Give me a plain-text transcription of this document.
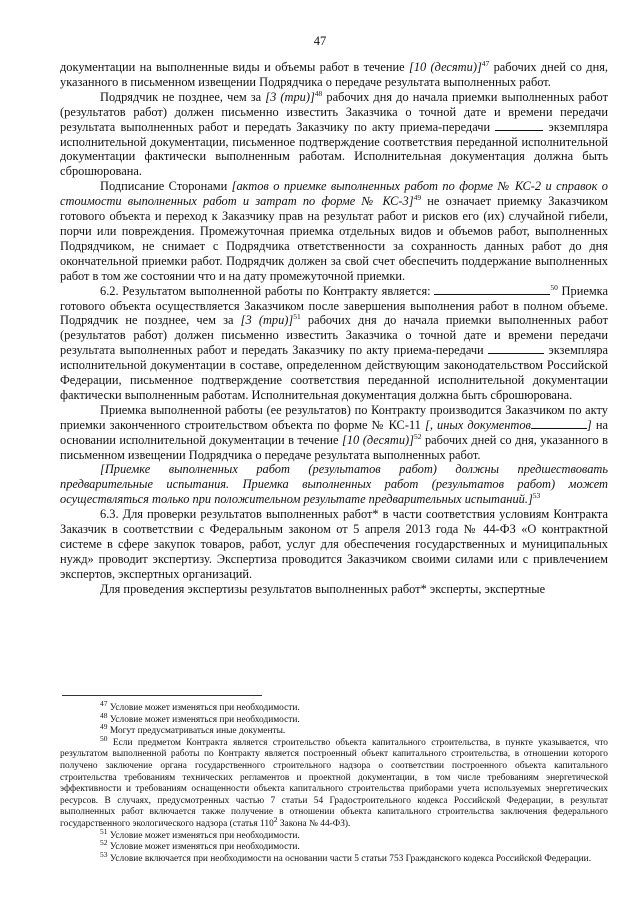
47

документации на выполненные виды и объемы работ в течение [10 (десяти)]$^{47}$ рабочих дней со дня, указанного в письменном извещении Подрядчика о передаче результата выполненных работ.

Подрядчик не позднее, чем за [3 (три)]$^{48}$ рабочих дня до начала приемки выполненных работ (результатов работ) должен письменно известить Заказчика о точной дате и времени передачи результата выполненных работ и передать Заказчику по акту приема-передачи	экземпляра исполнительной документации, письменное подтверждение соответствия переданной исполнительной документации фактически выполненным работам. Исполнительная документация должна быть сброшюрована.

Подписание Сторонами [актов о приемке выполненных работ по форме № КС-2 и справок о стоимости выполненных работ и затрат по форме № КС-3]$^{49}$ не означает приемку Заказчиком готового объекта и переход к Заказчику прав на результат работ и рисков его (их) случайной гибели, порчи или повреждения. Промежуточная приемка отдельных видов и объемов работ, выполненных Подрядчиком, не снимает с Подрядчика ответственности за сохранность данных работ до дня окончательной приемки работ. Подрядчик должен за свой счет обеспечить поддержание выполненных работ в том же состоянии что и на дату промежуточной приемки.

6.2. Результатом выполненной работы по Контракту является:	$^{50}$ Приемка готового объекта осуществляется Заказчиком после завершения выполнения работ в полном объеме. Подрядчик не позднее, чем за [3 (три)]$^{51}$ рабочих дня до начала приемки выполненных работ (результатов работ) должен письменно известить Заказчика о точной дате и времени передачи результата выполненных работ и передать Заказчику по акту приема-передачи	экземпляра исполнительной документации в составе, определенном действующим законодательством Российской Федерации, письменное подтверждение соответствия переданной исполнительной документации фактически выполненным работам. Исполнительная документация должна быть сброшюрована.

Приемка выполненной работы (ее результатов) по Контракту производится Заказчиком по акту приемки законченного строительством объекта по форме № КС-11 [, иных документов	] на основании исполнительной документации в течение [10 (десяти)]$^{52}$ рабочих дней со дня, указанного в письменном извещении Подрядчика о передаче результата выполненных работ.

[Приемке выполненных работ (результатов работ) должны предшествовать предварительные испытания. Приемка выполненных работ (результатов работ) может осуществляться только при положительном результате предварительных испытаний.]$^{53}$

6.3. Для проверки результатов выполненных работ* в части соответствия условиям Контракта Заказчик в соответствии с Федеральным законом от 5 апреля 2013 года № 44-ФЗ «О контрактной системе в сфере закупок товаров, работ, услуг для обеспечения государственных и муниципальных нужд» проводит экспертизу. Экспертиза проводится Заказчиком своими силами или с привлечением экспертов, экспертных организаций.

Для проведения экспертизы результатов выполненных работ* эксперты, экспертные

$^{47}$ Условие может изменяться при необходимости.

$^{48}$ Условие может изменяться при необходимости.

$^{49}$ Могут предусматриваться иные документы.

$^{50}$ Если предметом Контракта является строительство объекта капитального строительства, в пункте указывается, что результатом выполненной работы по Контракту является построенный объект капитального строительства, в отношении которого получено заключение органа государственного строительного надзора о соответствии построенного объекта капитального строительства требованиям технических регламентов и проектной документации, в том числе требованиям энергетической эффективности и требованиям оснащенности объекта капитального строительства приборами учета используемых энергетических ресурсов. В случаях, предусмотренных частью 7 статьи 54 Градостроительного кодекса Российской Федерации, в результат выполненных работ включается также получение в отношении объекта капитального строительства заключения федерального государственного экологического надзора (статья $110^2$ Закона № 44-ФЗ).

$^{51}$ Условие может изменяться при необходимости.

$^{52}$ Условие может изменяться при необходимости.

$^{53}$ Условие включается при необходимости на основании части 5 статьи 753 Гражданского кодекса Российской Федерации.
